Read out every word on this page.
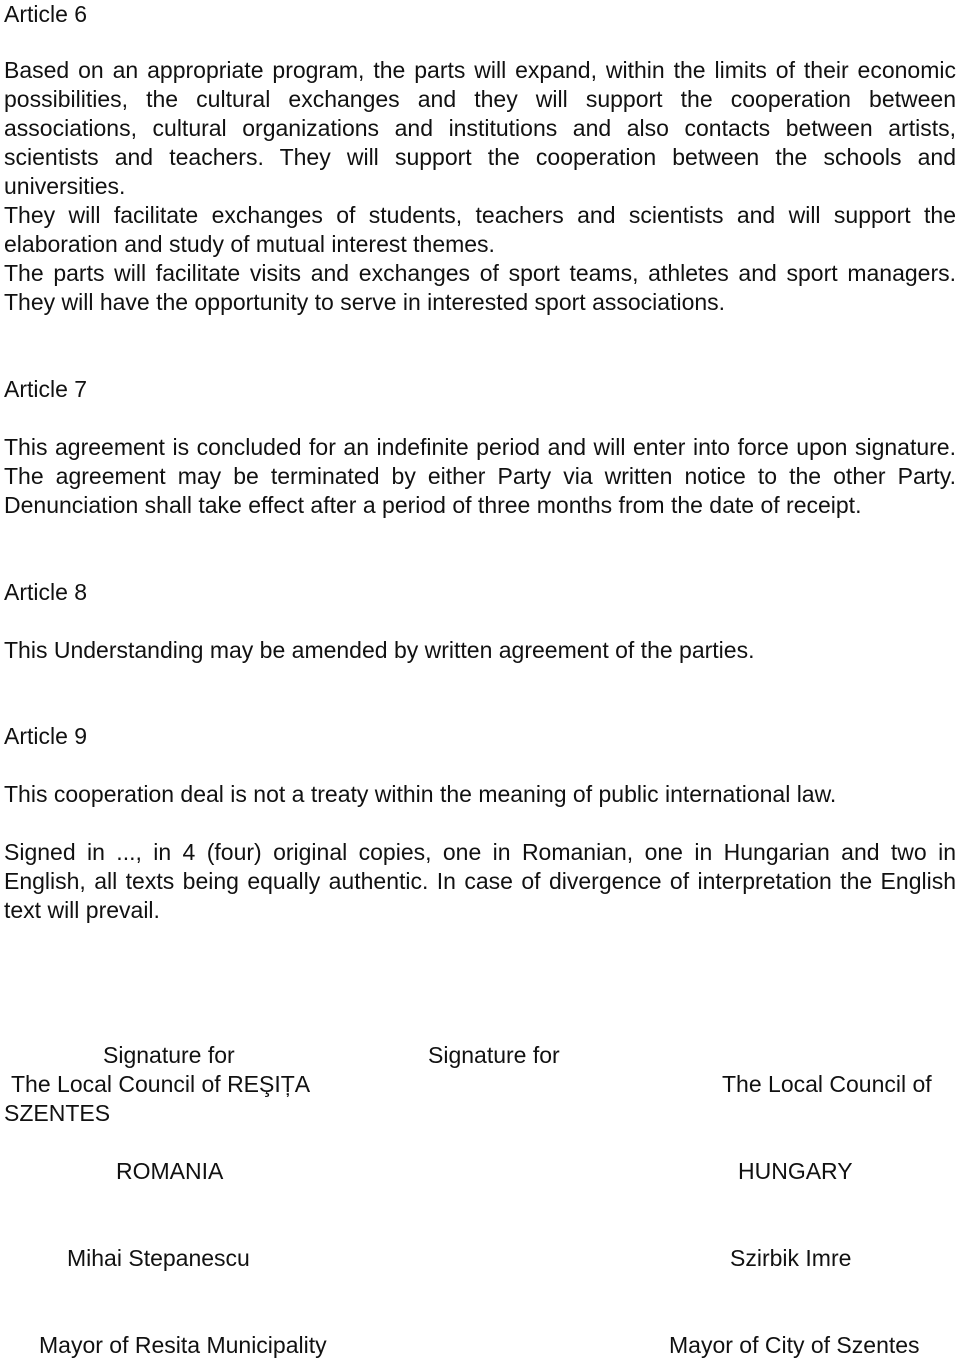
Article 6

Based on an appropriate program, the parts will expand, within the limits of their economic possibilities, the cultural exchanges and they will support the cooperation between associations, cultural organizations and institutions and also contacts between artists, scientists and teachers. They will support the cooperation between the schools and universities.

They will facilitate exchanges of students, teachers and scientists and will support the elaboration and study of mutual interest themes.

The parts will facilitate visits and exchanges of sport teams, athletes and sport managers. They will have the opportunity to serve in interested sport associations.

Article 7

This agreement is concluded for an indefinite period and will enter into force upon signature. The agreement may be terminated by either Party via written notice to the other Party. Denunciation shall take effect after a period of three months from the date of receipt.

Article 8
This Understanding may be amended by written agreement of the parties.
Article 9
This cooperation deal is not a treaty within the meaning of public international law.

Signed in ..., in 4 (four) original copies, one in Romanian, one in Hungarian and two in English, all texts being equally authentic. In case of divergence of interpretation the English text will prevail.

Signature for	Signature for
The Local Council of REŞIȚA	The Local Council of
SZENTES
ROMANIA	HUNGARY
Mihai Stepanescu	Szirbik Imre
Mayor of Resita Municipality	Mayor of City of Szentes
